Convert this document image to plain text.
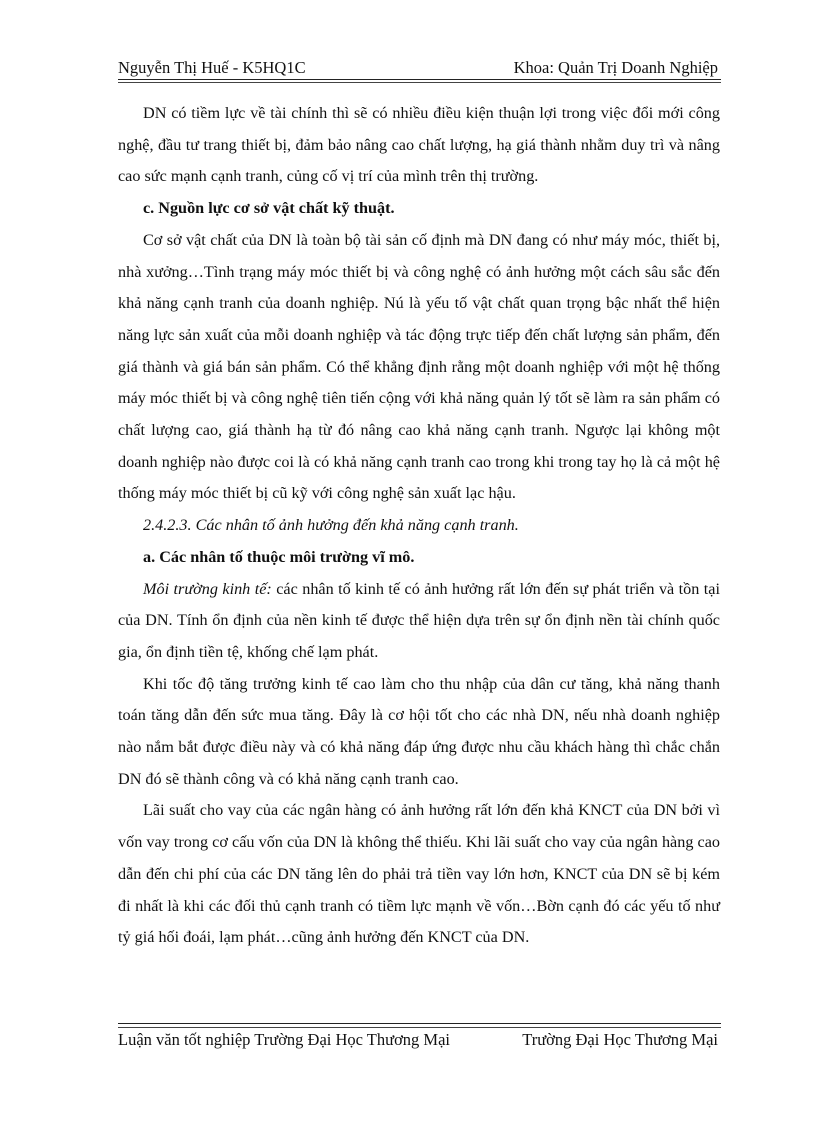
Nguyễn Thị Huế - K5HQ1C	Khoa: Quản Trị Doanh Nghiệp

DN có tiềm lực về tài chính thì sẽ có nhiều điều kiện thuận lợi trong việc đổi mới công nghệ, đầu tư trang thiết bị, đảm bảo nâng cao chất lượng, hạ giá thành nhằm duy trì và nâng cao sức mạnh cạnh tranh, củng cố vị trí của mình trên thị trường.

c. Nguồn lực cơ sở vật chất kỹ thuật.

Cơ sở vật chất của DN là toàn bộ tài sản cố định mà DN đang có như máy móc, thiết bị, nhà xưởng…Tình trạng máy móc thiết bị và công nghệ có ảnh hưởng một cách sâu sắc đến khả năng cạnh tranh của doanh nghiệp. Nú là yếu tố vật chất quan trọng bậc nhất thể hiện năng lực sản xuất của mỗi doanh nghiệp và tác động trực tiếp đến chất lượng sản phẩm, đến giá thành và giá bán sản phẩm. Có thể khẳng định rằng một doanh nghiệp với một hệ thống máy móc thiết bị và công nghệ tiên tiến cộng với khả năng quản lý tốt sẽ làm ra sản phẩm có chất lượng cao, giá thành hạ từ đó nâng cao khả năng cạnh tranh. Ngược lại không một doanh nghiệp nào được coi là có khả năng cạnh tranh cao trong khi trong tay họ là cả một hệ thống máy móc thiết bị cũ kỹ với công nghệ sản xuất lạc hậu.

2.4.2.3. Các nhân tố ảnh hưởng đến khả năng cạnh tranh.

a. Các nhân tố thuộc môi trường vĩ mô.

Môi trường kinh tế: các nhân tố kinh tế có ảnh hưởng rất lớn đến sự phát triển và tồn tại của DN. Tính ổn định của nền kinh tế được thể hiện dựa trên sự ổn định nền tài chính quốc gia, ổn định tiền tệ, khống chế lạm phát.

Khi tốc độ tăng trưởng kinh tế cao làm cho thu nhập của dân cư tăng, khả năng thanh toán tăng dẫn đến sức mua tăng. Đây là cơ hội tốt cho các nhà DN, nếu nhà doanh nghiệp nào nắm bắt được điều này và có khả năng đáp ứng được nhu cầu khách hàng thì chắc chắn DN đó sẽ thành công và có khả năng cạnh tranh cao.

Lãi suất cho vay của các ngân hàng có ảnh hưởng rất lớn đến khả KNCT của DN bởi vì vốn vay trong cơ cấu vốn của DN là không thể thiếu. Khi lãi suất cho vay của ngân hàng cao dẫn đến chi phí của các DN tăng lên do phải trả tiền vay lớn hơn, KNCT của DN sẽ bị kém đi nhất là khi các đối thủ cạnh tranh có tiềm lực mạnh về vốn…Bờn cạnh đó các yếu tố như tỷ giá hối đoái, lạm phát…cũng ảnh hưởng đến KNCT của DN.

Luận văn tốt nghiệp Trường Đại Học Thương Mại	Trường Đại Học Thương Mại
